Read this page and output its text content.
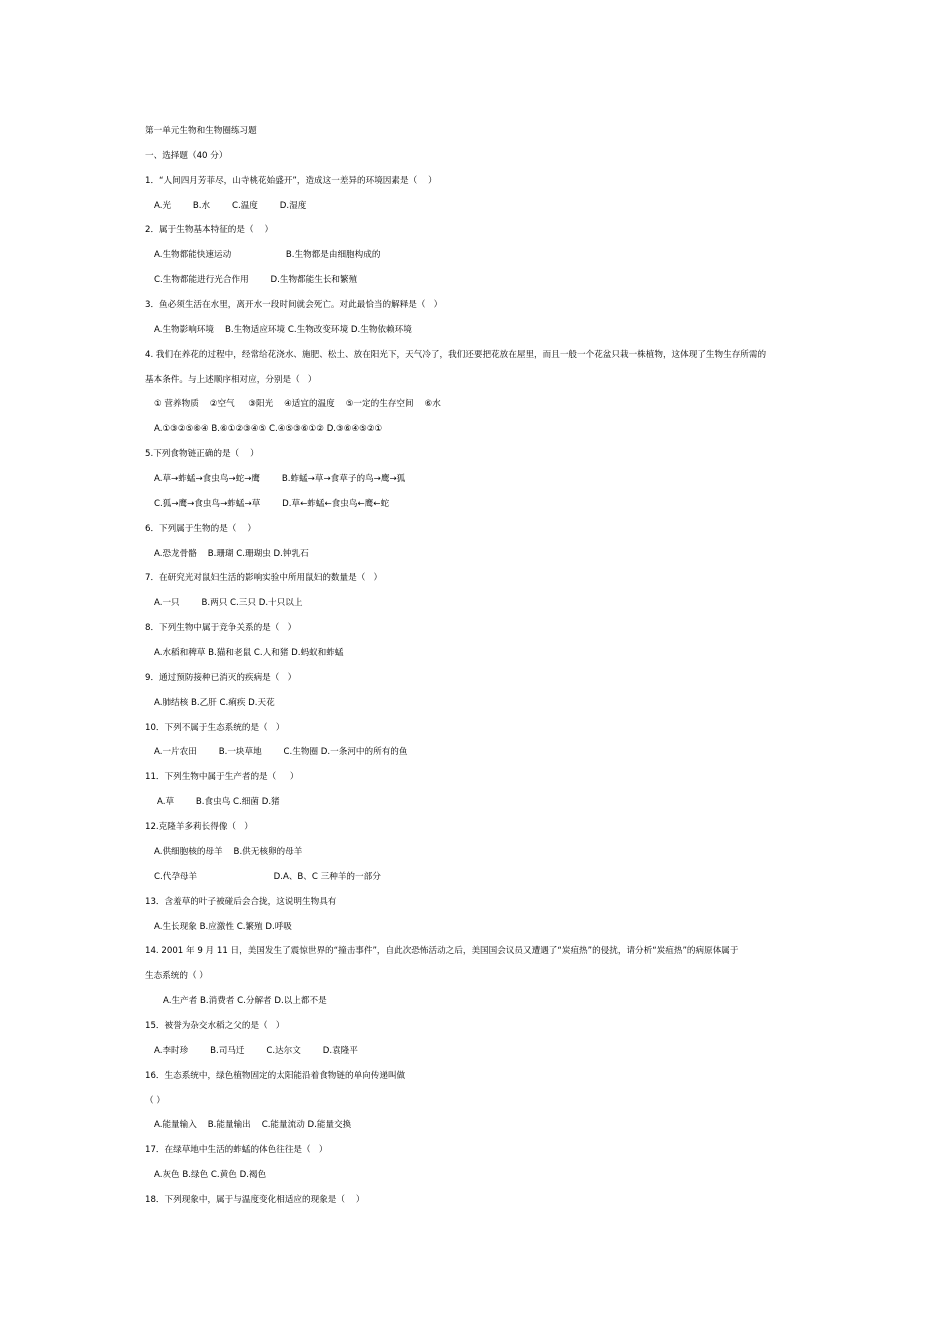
第一单元生物和生物圈练习题
一、选择题（40 分）
1．“人间四月芳菲尽，山寺桃花始盛开”，造成这一差异的环境因素是（    ）
A.光        B.水        C.温度        D.湿度
2．属于生物基本特征的是（    ）
A.生物都能快速运动                    B.生物都是由细胞构成的
C.生物都能进行光合作用        D.生物都能生长和繁殖
3．鱼必须生活在水里，离开水一段时间就会死亡。对此最恰当的解释是（   ）
A.生物影响环境    B.生物适应环境 C.生物改变环境 D.生物依赖环境
4. 我们在养花的过程中，经常给花浇水、施肥、松土、放在阳光下，天气冷了，我们还要把花放在屋里，而且一般一个花盆只栽一株植物，这体现了生物生存所需的
基本条件。与上述顺序相对应，分别是（   ）
① 营养物质    ②空气     ③阳光    ④适宜的温度    ⑤一定的生存空间    ⑥水
A.①③②⑤⑥④ B.⑥①②③④⑤ C.④⑤③⑥①② D.③⑥④⑤②①
5.下列食物链正确的是（    ）
A.草→蚱蜢→食虫鸟→蛇→鹰        B.蚱蜢→草→食草子的鸟→鹰→狐
C.狐→鹰→食虫鸟→蚱蜢→草        D.草←蚱蜢←食虫鸟←鹰←蛇
6．下列属于生物的是（    ）
A.恐龙骨骼    B.珊瑚 C.珊瑚虫 D.钟乳石
7．在研究光对鼠妇生活的影响实验中所用鼠妇的数量是（   ）
A.一只        B.两只 C.三只 D.十只以上
8．下列生物中属于竞争关系的是（   ）
A.水稻和稗草 B.猫和老鼠 C.人和猪 D.蚂蚁和蚱蜢
9．通过预防接种已消灭的疾病是（   ）
A.肺结核 B.乙肝 C.痢疾 D.天花
10．下列不属于生态系统的是（   ）
A.一片农田        B.一块草地        C.生物圈 D.一条河中的所有的鱼
11．下列生物中属于生产者的是（     ）
A.草        B.食虫鸟 C.细菌 D.猪
12.克隆羊多莉长得像（   ）
A.供细胞核的母羊    B.供无核卵的母羊
C.代孕母羊                            D.A、B、C 三种羊的一部分
13．含羞草的叶子被碰后会合拢，这说明生物具有
A.生长现象 B.应激性 C.繁殖 D.呼吸
14. 2001 年 9 月 11 日，美国发生了震惊世界的“撞击事件”，自此次恐怖活动之后，美国国会议员又遭遇了“炭疽热”的侵扰，请分析“炭疽热”的病原体属于
生态系统的（ ）
A.生产者 B.消费者 C.分解者 D.以上都不是
15．被誉为杂交水稻之父的是（   ）
A.李时珍        B.司马迁        C.达尔文        D.袁隆平
16．生态系统中，绿色植物固定的太阳能沿着食物链的单向传递叫做
（ ）
A.能量输入    B.能量输出    C.能量流动 D.能量交换
17．在绿草地中生活的蚱蜢的体色往往是（   ）
A.灰色 B.绿色 C.黄色 D.褐色
18．下列现象中，属于与温度变化相适应的现象是（    ）
